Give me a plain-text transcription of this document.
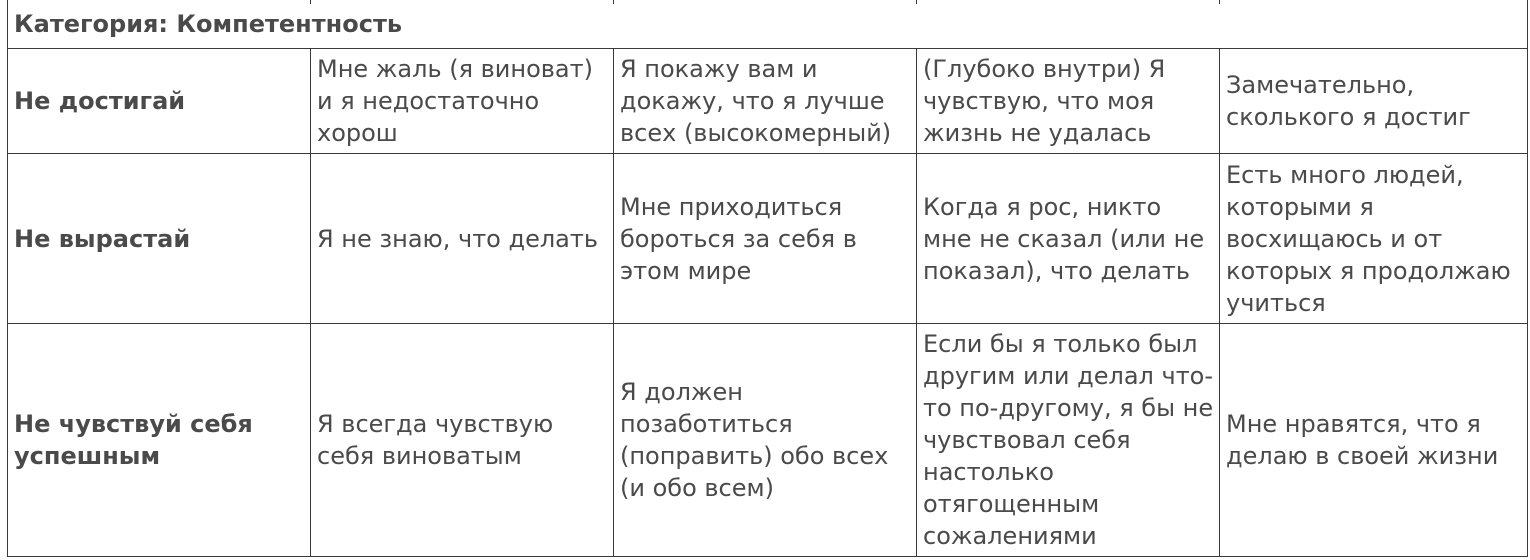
Категория: Компетентность				
Не достигай	Мне жаль (я виноват) и я недостаточно хорош	Я покажу вам и докажу, что я лучше всех (высокомерный)	(Глубоко внутри) Я чувствую, что моя жизнь не удалась	Замечательно, сколького я достиг
Не вырастай	Я не знаю, что делать	Мне приходиться бороться за себя в этом мире	Когда я рос, никто мне не сказал (или не показал), что делать	Есть много людей, которыми я восхищаюсь и от которых я продолжаю учиться
Не чувствуй себя успешным	Я всегда чувствую себя виноватым	Я должен позаботиться (поправить) обо всех (и обо всем)	Если бы я только был другим или делал что-то по-другому, я бы не чувствовал себя настолько отягощенным сожалениями	Мне нравятся, что я делаю в своей жизни
